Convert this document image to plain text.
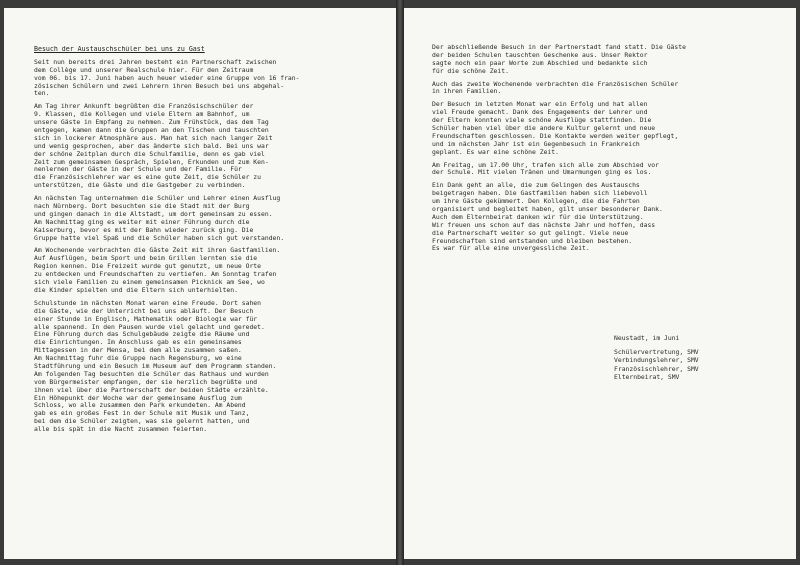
Besuch der Austauschschüler bei uns zu Gast
Seit nun bereits drei Jahren besteht ein Partnerschaft zwischen
dem Collège und unserer Realschule hier. Für den Zeitraum
vom 06. bis 17. Juni haben auch heuer wieder eine Gruppe von 16 fran-
zösischen Schülern und zwei Lehrern ihren Besuch bei uns abgehal-
ten.
Am Tag ihrer Ankunft begrüßten die Französischschüler der
9. Klassen, die Kollegen und viele Eltern am Bahnhof, um
unsere Gäste in Empfang zu nehmen. Zum Frühstück, das dem Tag
entgegen, kamen dann die Gruppen an den Tischen und tauschten
sich in lockerer Atmosphäre aus. Man hat sich nach langer Zeit
und wenig gesprochen, aber das änderte sich bald. Bei uns war
der schöne Zeitplan durch die Schulfamilie, denn es gab viel
Zeit zum gemeinsamen Gespräch, Spielen, Erkunden und zum Ken-
nenlernen der Gäste in der Schule und der Familie. Für
die Französischlehrer war es eine gute Zeit, die Schüler zu
unterstützen, die Gäste und die Gastgeber zu verbinden.
An nächsten Tag unternahmen die Schüler und Lehrer einen Ausflug
nach Nürnberg. Dort besuchten sie die Stadt mit der Burg
und gingen danach in die Altstadt, um dort gemeinsam zu essen.
Am Nachmittag ging es weiter mit einer Führung durch die
Kaiserburg, bevor es mit der Bahn wieder zurück ging. Die
Gruppe hatte viel Spaß und die Schüler haben sich gut verstanden.
Am Wochenende verbrachten die Gäste Zeit mit ihren Gastfamilien.
Auf Ausflügen, beim Sport und beim Grillen lernten sie die
Region kennen. Die Freizeit wurde gut genutzt, um neue Orte
zu entdecken und Freundschaften zu vertiefen. Am Sonntag trafen
sich viele Familien zu einem gemeinsamen Picknick am See, wo
die Kinder spielten und die Eltern sich unterhielten.
Schulstunde im nächsten Monat waren eine Freude. Dort sahen
die Gäste, wie der Unterricht bei uns abläuft. Der Besuch
einer Stunde in Englisch, Mathematik oder Biologie war für
alle spannend. In den Pausen wurde viel gelacht und geredet.
Eine Führung durch das Schulgebäude zeigte die Räume und
die Einrichtungen. Im Anschluss gab es ein gemeinsames
Mittagessen in der Mensa, bei dem alle zusammen saßen.
Am Nachmittag fuhr die Gruppe nach Regensburg, wo eine
Stadtführung und ein Besuch im Museum auf dem Programm standen.
Am folgenden Tag besuchten die Schüler das Rathaus und wurden
vom Bürgermeister empfangen, der sie herzlich begrüßte und
ihnen viel über die Partnerschaft der beiden Städte erzählte.
Ein Höhepunkt der Woche war der gemeinsame Ausflug zum
Schloss, wo alle zusammen den Park erkundeten. Am Abend
gab es ein großes Fest in der Schule mit Musik und Tanz,
bei dem die Schüler zeigten, was sie gelernt hatten, und
alle bis spät in die Nacht zusammen feierten.
Der abschließende Besuch in der Partnerstadt fand statt. Die Gäste
der beiden Schulen tauschten Geschenke aus. Unser Rektor
sagte noch ein paar Worte zum Abschied und bedankte sich
für die schöne Zeit.
Auch das zweite Wochenende verbrachten die Französischen Schüler
in ihren Familien.
Der Besuch im letzten Monat war ein Erfolg und hat allen
viel Freude gemacht. Dank des Engagements der Lehrer und
der Eltern konnten viele schöne Ausflüge stattfinden. Die
Schüler haben viel über die andere Kultur gelernt und neue
Freundschaften geschlossen. Die Kontakte werden weiter gepflegt,
und im nächsten Jahr ist ein Gegenbesuch in Frankreich
geplant. Es war eine schöne Zeit.
Am Freitag, um 17.00 Uhr, trafen sich alle zum Abschied vor
der Schule. Mit vielen Tränen und Umarmungen ging es los.
Ein Dank geht an alle, die zum Gelingen des Austauschs
beigetragen haben. Die Gastfamilien haben sich liebevoll
um ihre Gäste gekümmert. Den Kollegen, die die Fahrten
organisiert und begleitet haben, gilt unser besonderer Dank.
Auch dem Elternbeirat danken wir für die Unterstützung.
Wir freuen uns schon auf das nächste Jahr und hoffen, dass
die Partnerschaft weiter so gut gelingt. Viele neue
Freundschaften sind entstanden und bleiben bestehen.
Es war für alle eine unvergessliche Zeit.
Neustadt, im Juni
Schülervertretung, SMV
Verbindungslehrer, SMV
Französischlehrer, SMV
Elternbeirat, SMV
